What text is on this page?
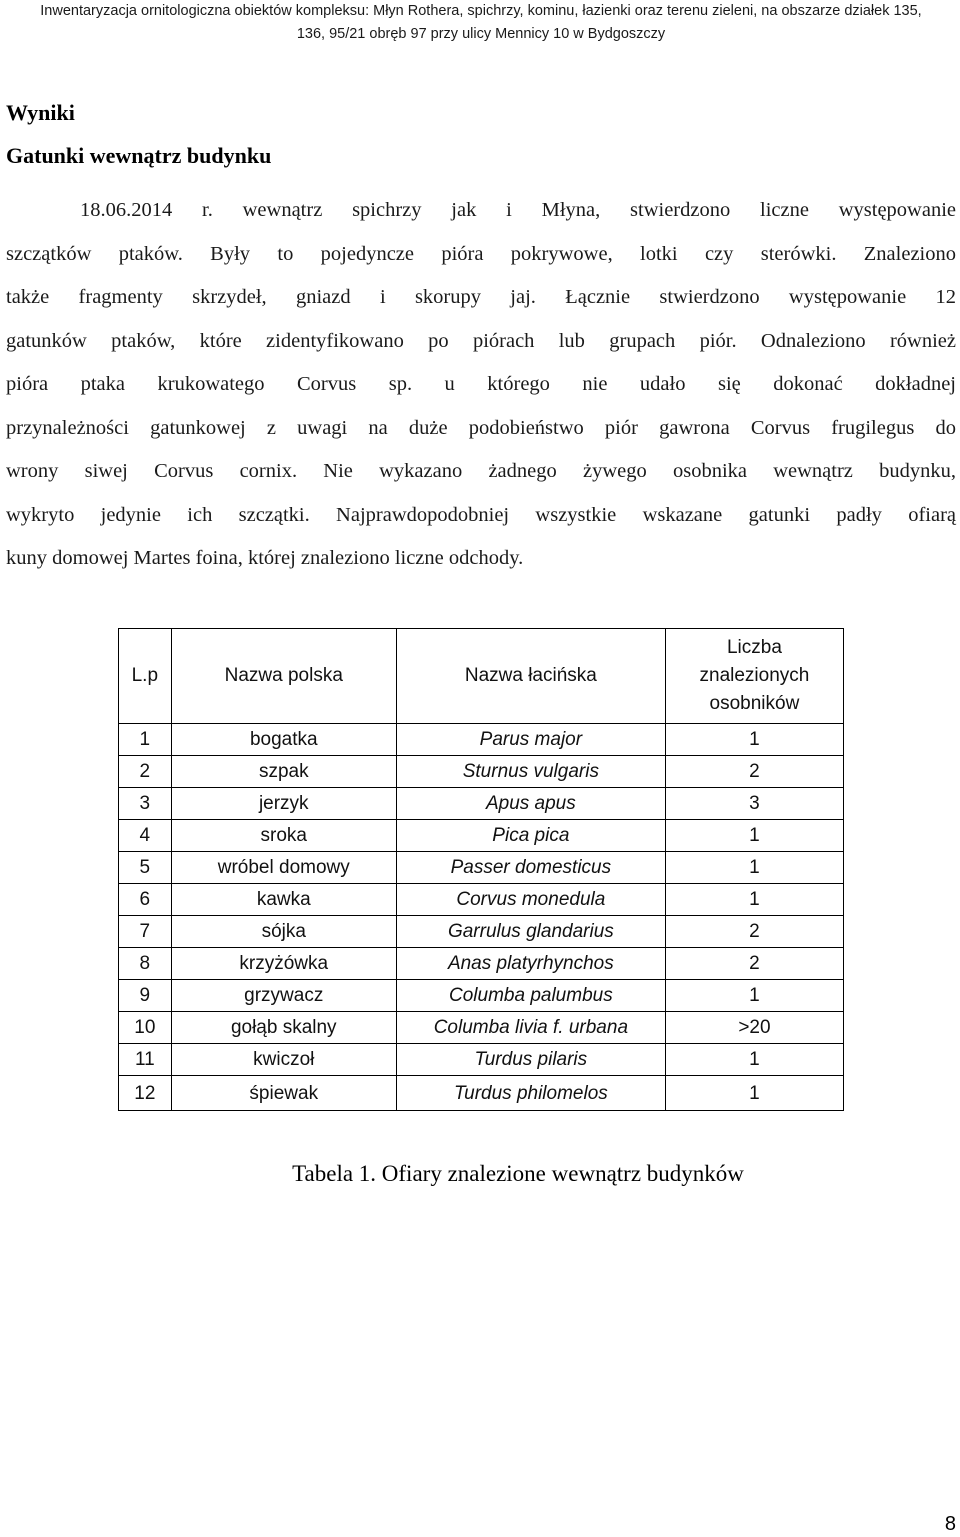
Inwentaryzacja ornitologiczna obiektów kompleksu: Młyn Rothera, spichrzy, kominu, łazienki oraz terenu zieleni, na obszarze działek 135,
136, 95/21 obręb 97 przy ulicy Mennicy 10 w Bydgoszczy
Wyniki
Gatunki wewnątrz budynku
18.06.2014 r. wewnątrz spichrzy jak i Młyna, stwierdzono liczne występowanie
szczątków ptaków. Były to pojedyncze pióra pokrywowe, lotki czy sterówki. Znaleziono
także fragmenty skrzydeł, gniazd i skorupy jaj. Łącznie stwierdzono występowanie 12
gatunków ptaków, które zidentyfikowano po piórach lub grupach piór. Odnaleziono również
pióra ptaka krukowatego Corvus sp. u którego nie udało się dokonać dokładnej
przynależności gatunkowej z uwagi na duże podobieństwo piór gawrona Corvus frugilegus do
wrony siwej Corvus cornix. Nie wykazano żadnego żywego osobnika wewnątrz budynku,
wykryto jedynie ich szczątki. Najprawdopodobniej wszystkie wskazane gatunki padły ofiarą
kuny domowej Martes foina, której znaleziono liczne odchody.
L.p	Nazwa polska	Nazwa łacińska	Liczba
znalezionych
osobników

1	bogatka	Parus major	1
2	szpak	Sturnus vulgaris	2
3	jerzyk	Apus apus	3
4	sroka	Pica pica	1
5	wróbel domowy	Passer domesticus	1
6	kawka	Corvus monedula	1
7	sójka	Garrulus glandarius	2
8	krzyżówka	Anas platyrhynchos	2
9	grzywacz	Columba palumbus	1
10	gołąb skalny	Columba livia f. urbana	>20
11	kwiczoł	Turdus pilaris	1
12	śpiewak	Turdus philomelos	1
Tabela 1. Ofiary znalezione wewnątrz budynków
8
